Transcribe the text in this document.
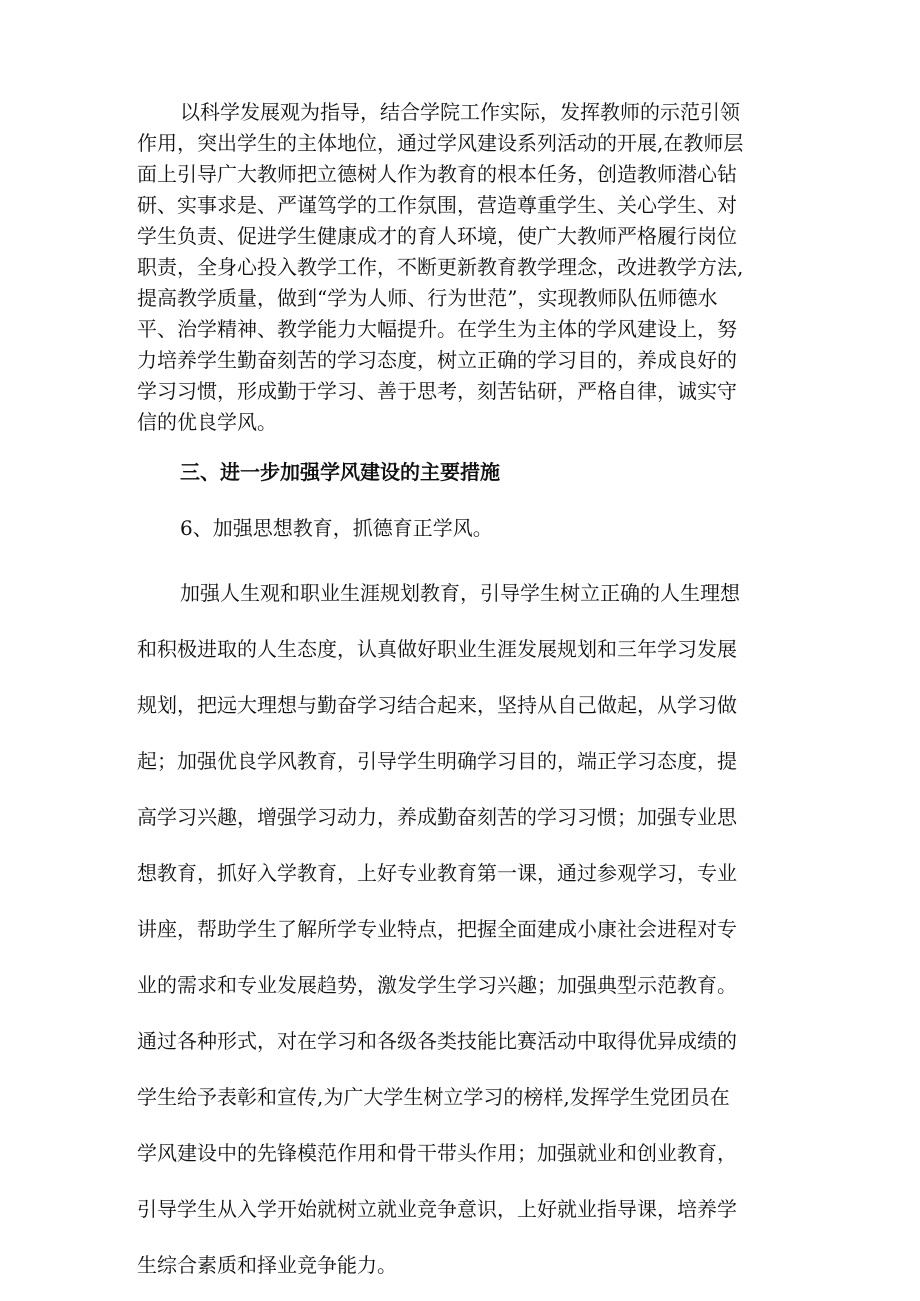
以科学发展观为指导，结合学院工作实际，发挥教师的示范引领
作用，突出学生的主体地位，通过学风建设系列活动的开展,在教师层
面上引导广大教师把立德树人作为教育的根本任务，创造教师潜心钻
研、实事求是、严谨笃学的工作氛围，营造尊重学生、关心学生、对
学生负责、促进学生健康成才的育人环境，使广大教师严格履行岗位
职责，全身心投入教学工作，不断更新教育教学理念，改进教学方法,
提高教学质量，做到“学为人师、行为世范”，实现教师队伍师德水
平、治学精神、教学能力大幅提升。在学生为主体的学风建设上，努
力培养学生勤奋刻苦的学习态度，树立正确的学习目的，养成良好的
学习习惯，形成勤于学习、善于思考，刻苦钻研，严格自律，诚实守
信的优良学风。
三、进一步加强学风建设的主要措施
6、加强思想教育，抓德育正学风。
加强人生观和职业生涯规划教育，引导学生树立正确的人生理想
和积极进取的人生态度，认真做好职业生涯发展规划和三年学习发展
规划，把远大理想与勤奋学习结合起来，坚持从自己做起，从学习做
起；加强优良学风教育，引导学生明确学习目的，端正学习态度，提
高学习兴趣，增强学习动力，养成勤奋刻苦的学习习惯；加强专业思
想教育，抓好入学教育，上好专业教育第一课，通过参观学习，专业
讲座，帮助学生了解所学专业特点，把握全面建成小康社会进程对专
业的需求和专业发展趋势，激发学生学习兴趣；加强典型示范教育。
通过各种形式，对在学习和各级各类技能比赛活动中取得优异成绩的
学生给予表彰和宣传,为广大学生树立学习的榜样,发挥学生党团员在
学风建设中的先锋模范作用和骨干带头作用；加强就业和创业教育，
引导学生从入学开始就树立就业竞争意识，上好就业指导课，培养学
生综合素质和择业竞争能力。
